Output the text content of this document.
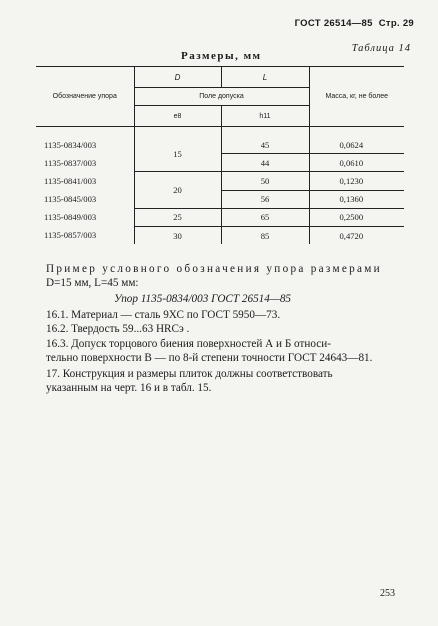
ГОСТ 26514—85 Стр. 29
Таблица 14
Размеры, мм
Обозначение упора	D	L	Масса, кг, не более
	Поле допуска		
	e8	h11	

1135-0834/003	15	45	0,0624
1135-0837/003		44	0,0610
1135-0841/003	20	50	0,1230
1135-0845/003		56	0,1360
1135-0849/003	25	65	0,2500
1135-0857/003	30	85	0,4720
Пример условного обозначения упора размерами
D=15 мм, L=45 мм:
Упор 1135-0834/003 ГОСТ 26514—85
16.1. Материал — сталь 9ХС по ГОСТ 5950—73.
16.2. Твердость 59...63 HRCэ .
16.3. Допуск торцового биения поверхностей А и Б относи-
тельно поверхности В — по 8-й степени точности ГОСТ 24643—81.
17. Конструкция и размеры плиток должны соответствовать
указанным на черт. 16 и в табл. 15.
253
